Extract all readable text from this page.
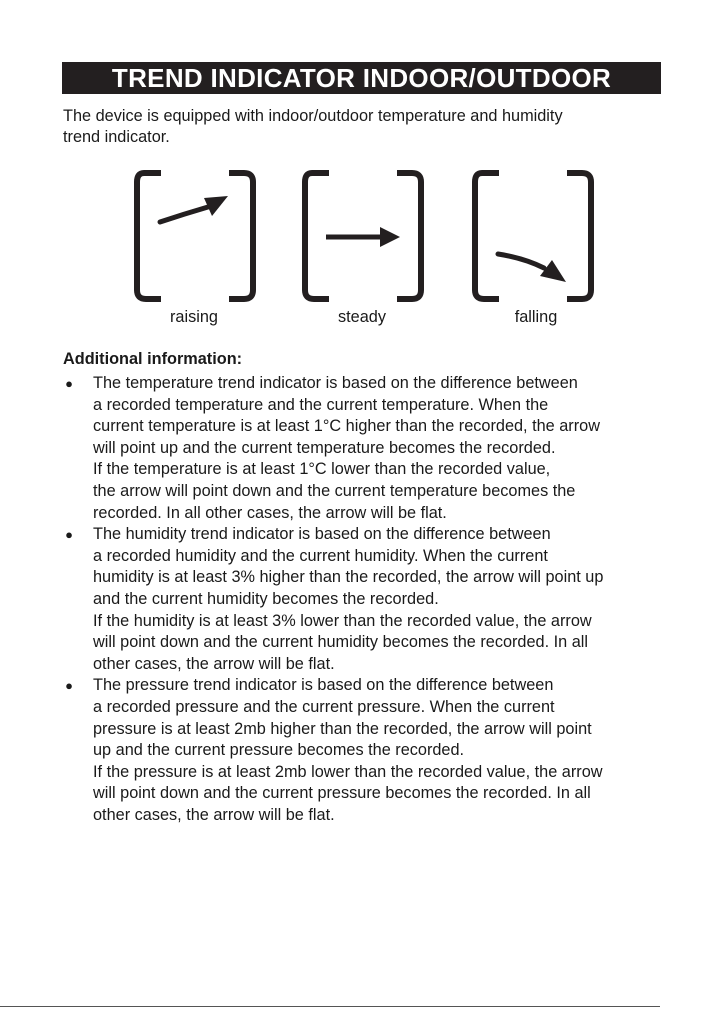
TREND INDICATOR INDOOR/OUTDOOR
The device is equipped with indoor/outdoor temperature and humidity
trend indicator.
raising	steady	falling
Additional information:
● The temperature trend indicator is based on the difference between
a recorded temperature and the current temperature. When the
current temperature is at least 1°C higher than the recorded, the arrow
will point up and the current temperature becomes the recorded.
If the temperature is at least 1°C lower than the recorded value,
the arrow will point down and the current temperature becomes the
recorded. In all other cases, the arrow will be flat.
● The humidity trend indicator is based on the difference between
a recorded humidity and the current humidity. When the current
humidity is at least 3% higher than the recorded, the arrow will point up
and the current humidity becomes the recorded.
If the humidity is at least 3% lower than the recorded value, the arrow
will point down and the current humidity becomes the recorded. In all
other cases, the arrow will be flat.
● The pressure trend indicator is based on the difference between
a recorded pressure and the current pressure. When the current
pressure is at least 2mb higher than the recorded, the arrow will point
up and the current pressure becomes the recorded.
If the pressure is at least 2mb lower than the recorded value, the arrow
will point down and the current pressure becomes the recorded. In all
other cases, the arrow will be flat.
